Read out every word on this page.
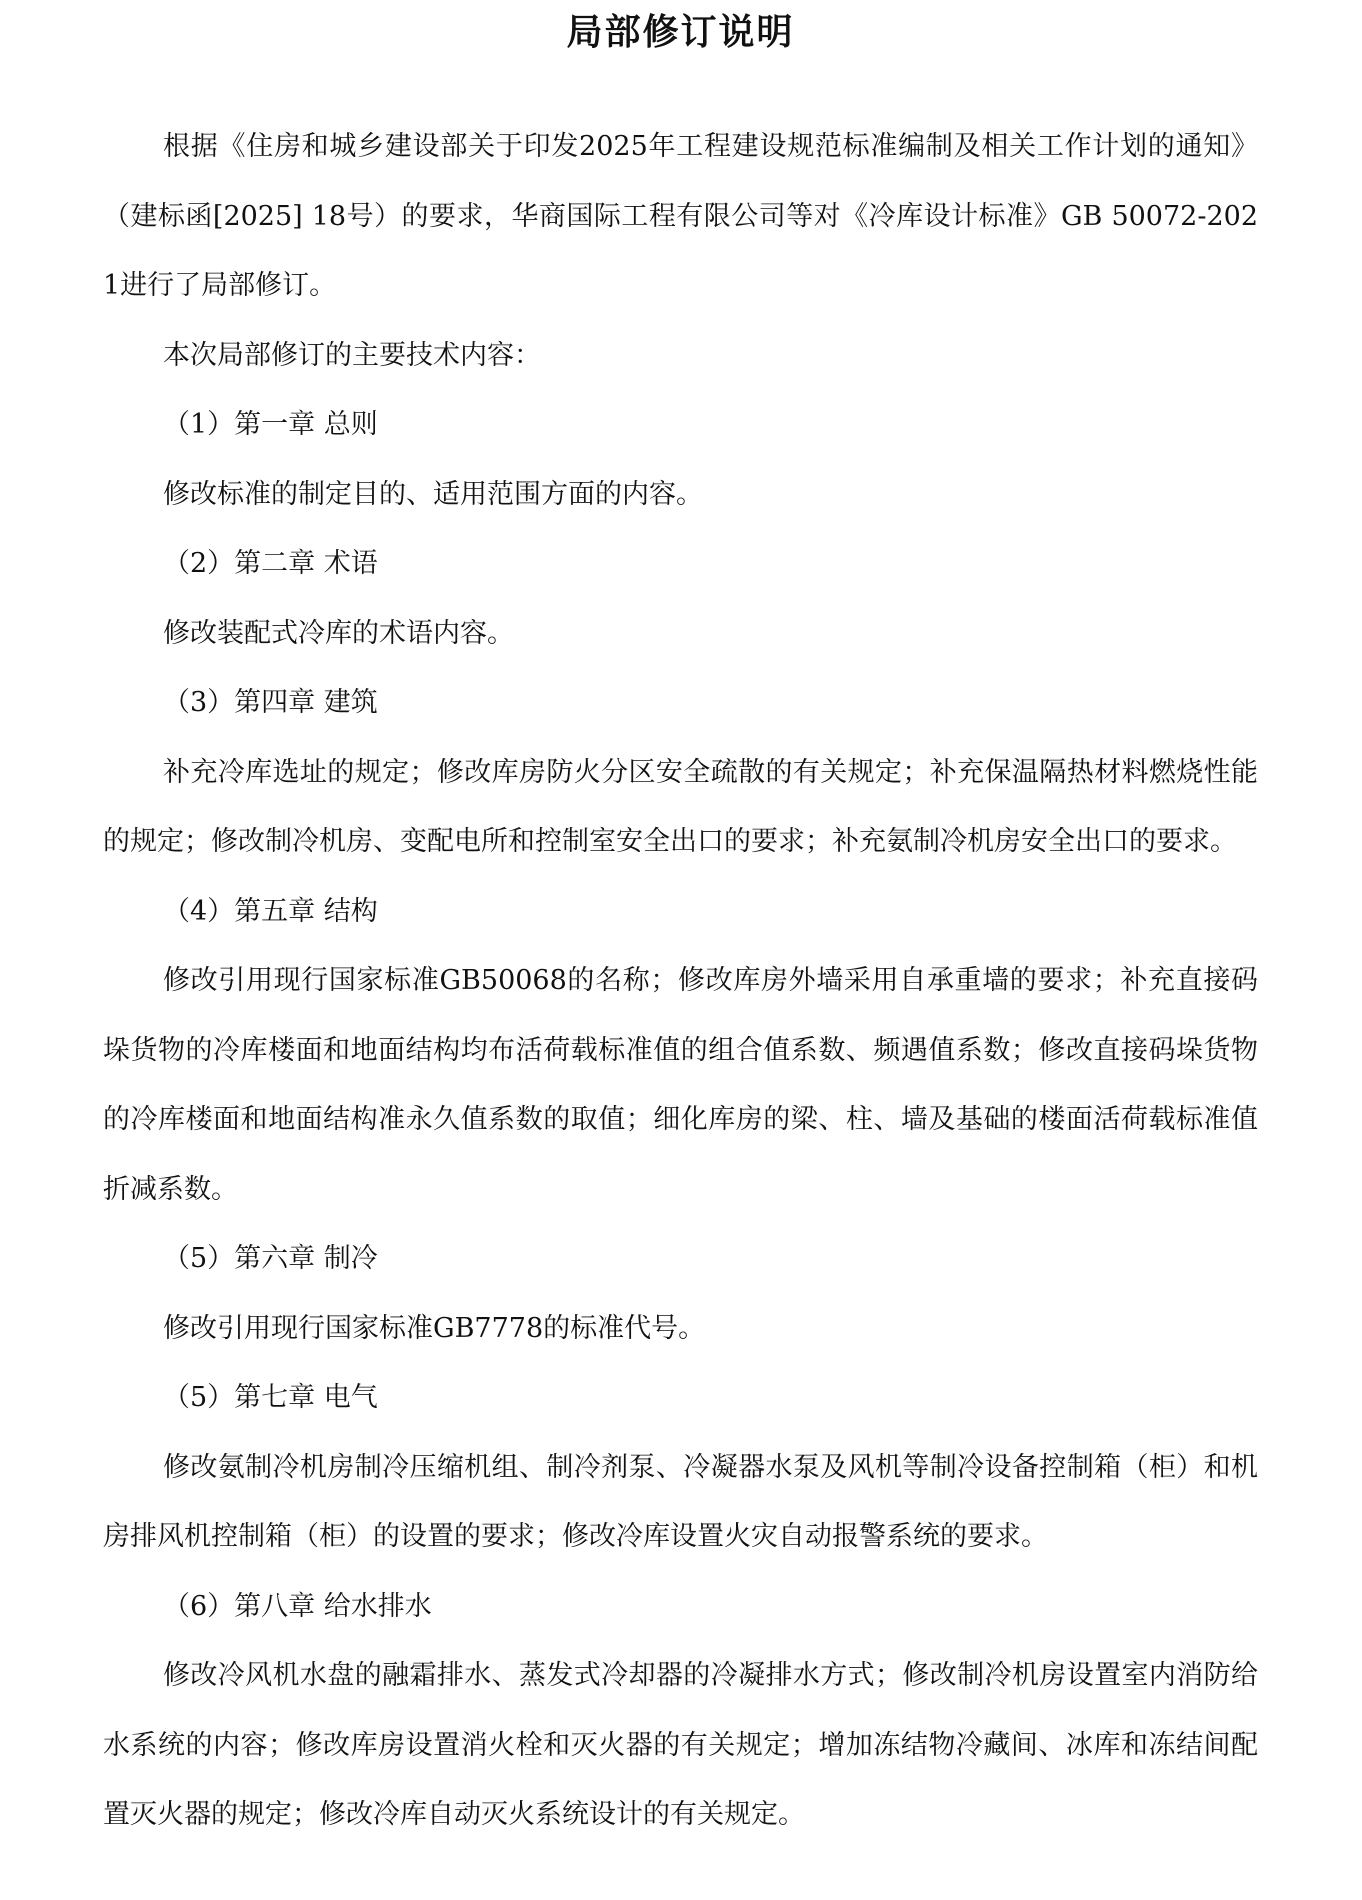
局部修订说明

根据《住房和城乡建设部关于印发2025年工程建设规范标准编制及相关工作计划的通知》（建标函[2025] 18号）的要求，华商国际工程有限公司等对《冷库设计标准》GB 50072-2021进行了局部修订。

本次局部修订的主要技术内容：

（1）第一章 总则

修改标准的制定目的、适用范围方面的内容。

（2）第二章 术语

修改装配式冷库的术语内容。

（3）第四章 建筑

补充冷库选址的规定；修改库房防火分区安全疏散的有关规定；补充保温隔热材料燃烧性能的规定；修改制冷机房、变配电所和控制室安全出口的要求；补充氨制冷机房安全出口的要求。

（4）第五章 结构

修改引用现行国家标准GB50068的名称；修改库房外墙采用自承重墙的要求；补充直接码垛货物的冷库楼面和地面结构均布活荷载标准值的组合值系数、频遇值系数；修改直接码垛货物的冷库楼面和地面结构准永久值系数的取值；细化库房的梁、柱、墙及基础的楼面活荷载标准值折减系数。

（5）第六章 制冷

修改引用现行国家标准GB7778的标准代号。

（5）第七章 电气

修改氨制冷机房制冷压缩机组、制冷剂泵、冷凝器水泵及风机等制冷设备控制箱（柜）和机房排风机控制箱（柜）的设置的要求；修改冷库设置火灾自动报警系统的要求。

（6）第八章 给水排水

修改冷风机水盘的融霜排水、蒸发式冷却器的冷凝排水方式；修改制冷机房设置室内消防给水系统的内容；修改库房设置消火栓和灭火器的有关规定；增加冻结物冷藏间、冰库和冻结间配置灭火器的规定；修改冷库自动灭火系统设计的有关规定。
